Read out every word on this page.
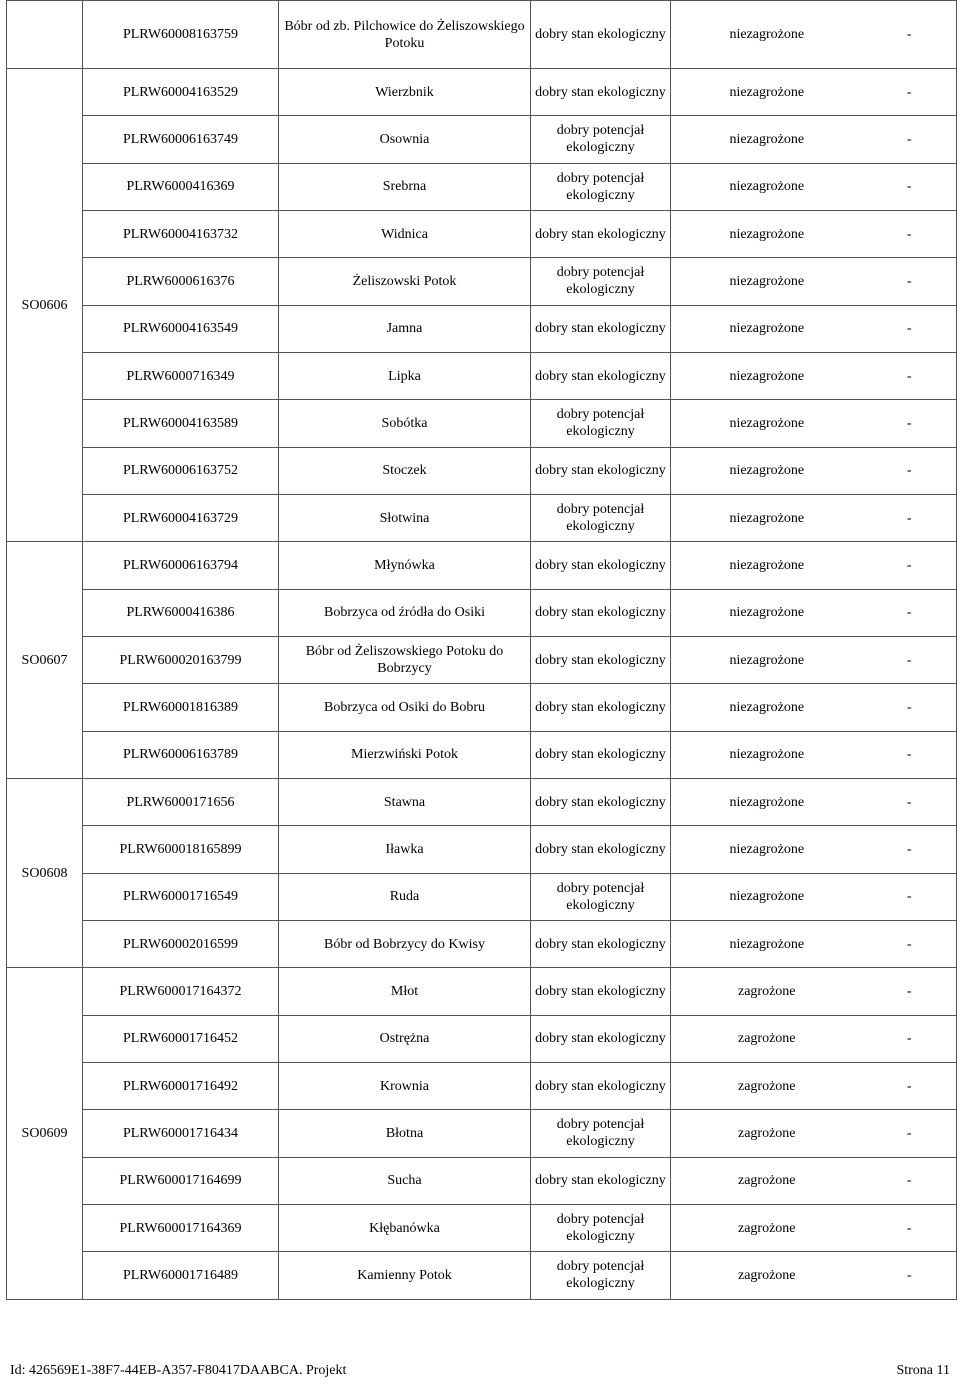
	PLRW60008163759	Bóbr od zb. Pilchowice do Żeliszowskiego Potoku	dobry stan ekologiczny	niezagrożone	-
SO0606	PLRW60004163529	Wierzbnik	dobry stan ekologiczny	niezagrożone	-
	PLRW60006163749	Osownia	dobry potencjał ekologiczny	niezagrożone	-
	PLRW6000416369	Srebrna	dobry potencjał ekologiczny	niezagrożone	-
	PLRW60004163732	Widnica	dobry stan ekologiczny	niezagrożone	-
	PLRW6000616376	Żeliszowski Potok	dobry potencjał ekologiczny	niezagrożone	-
	PLRW60004163549	Jamna	dobry stan ekologiczny	niezagrożone	-
	PLRW6000716349	Lipka	dobry stan ekologiczny	niezagrożone	-
	PLRW60004163589	Sobótka	dobry potencjał ekologiczny	niezagrożone	-
	PLRW60006163752	Stoczek	dobry stan ekologiczny	niezagrożone	-
	PLRW60004163729	Słotwina	dobry potencjał ekologiczny	niezagrożone	-
SO0607	PLRW60006163794	Młynówka	dobry stan ekologiczny	niezagrożone	-
	PLRW6000416386	Bobrzyca od źródła do Osiki	dobry stan ekologiczny	niezagrożone	-
	PLRW600020163799	Bóbr od Żeliszowskiego Potoku do Bobrzycy	dobry stan ekologiczny	niezagrożone	-
	PLRW60001816389	Bobrzyca od Osiki do Bobru	dobry stan ekologiczny	niezagrożone	-
	PLRW60006163789	Mierzwiński Potok	dobry stan ekologiczny	niezagrożone	-
SO0608	PLRW6000171656	Stawna	dobry stan ekologiczny	niezagrożone	-
	PLRW600018165899	Iławka	dobry stan ekologiczny	niezagrożone	-
	PLRW60001716549	Ruda	dobry potencjał ekologiczny	niezagrożone	-
	PLRW60002016599	Bóbr od Bobrzycy do Kwisy	dobry stan ekologiczny	niezagrożone	-
SO0609	PLRW600017164372	Młot	dobry stan ekologiczny	zagrożone	-
	PLRW60001716452	Ostrężna	dobry stan ekologiczny	zagrożone	-
	PLRW60001716492	Krownia	dobry stan ekologiczny	zagrożone	-
	PLRW60001716434	Błotna	dobry potencjał ekologiczny	zagrożone	-
	PLRW600017164699	Sucha	dobry stan ekologiczny	zagrożone	-
	PLRW600017164369	Kłębanówka	dobry potencjał ekologiczny	zagrożone	-
	PLRW60001716489	Kamienny Potok	dobry potencjał ekologiczny	zagrożone	-
Id: 426569E1-38F7-44EB-A357-F80417DAABCA. Projekt	Strona 11
